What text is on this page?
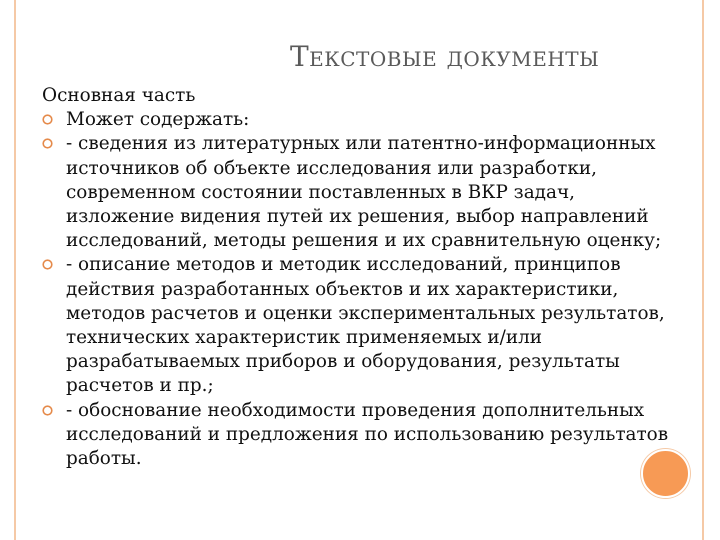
Текстовые документы

Основная часть

Может содержать:
- сведения из литературных или патентно-информационных источников об объекте исследования или разработки, современном состоянии поставленных в ВКР задач, изложение видения путей их решения, выбор направлений исследований, методы решения и их сравнительную оценку;
- описание методов и методик исследований, принципов действия разработанных объектов и их характеристики, методов расчетов и оценки экспериментальных результатов, технических характеристик применяемых и/или разрабатываемых приборов и оборудования, результаты расчетов и пр.;
- обоснование необходимости проведения дополнительных исследований и предложения по использованию результатов работы.
